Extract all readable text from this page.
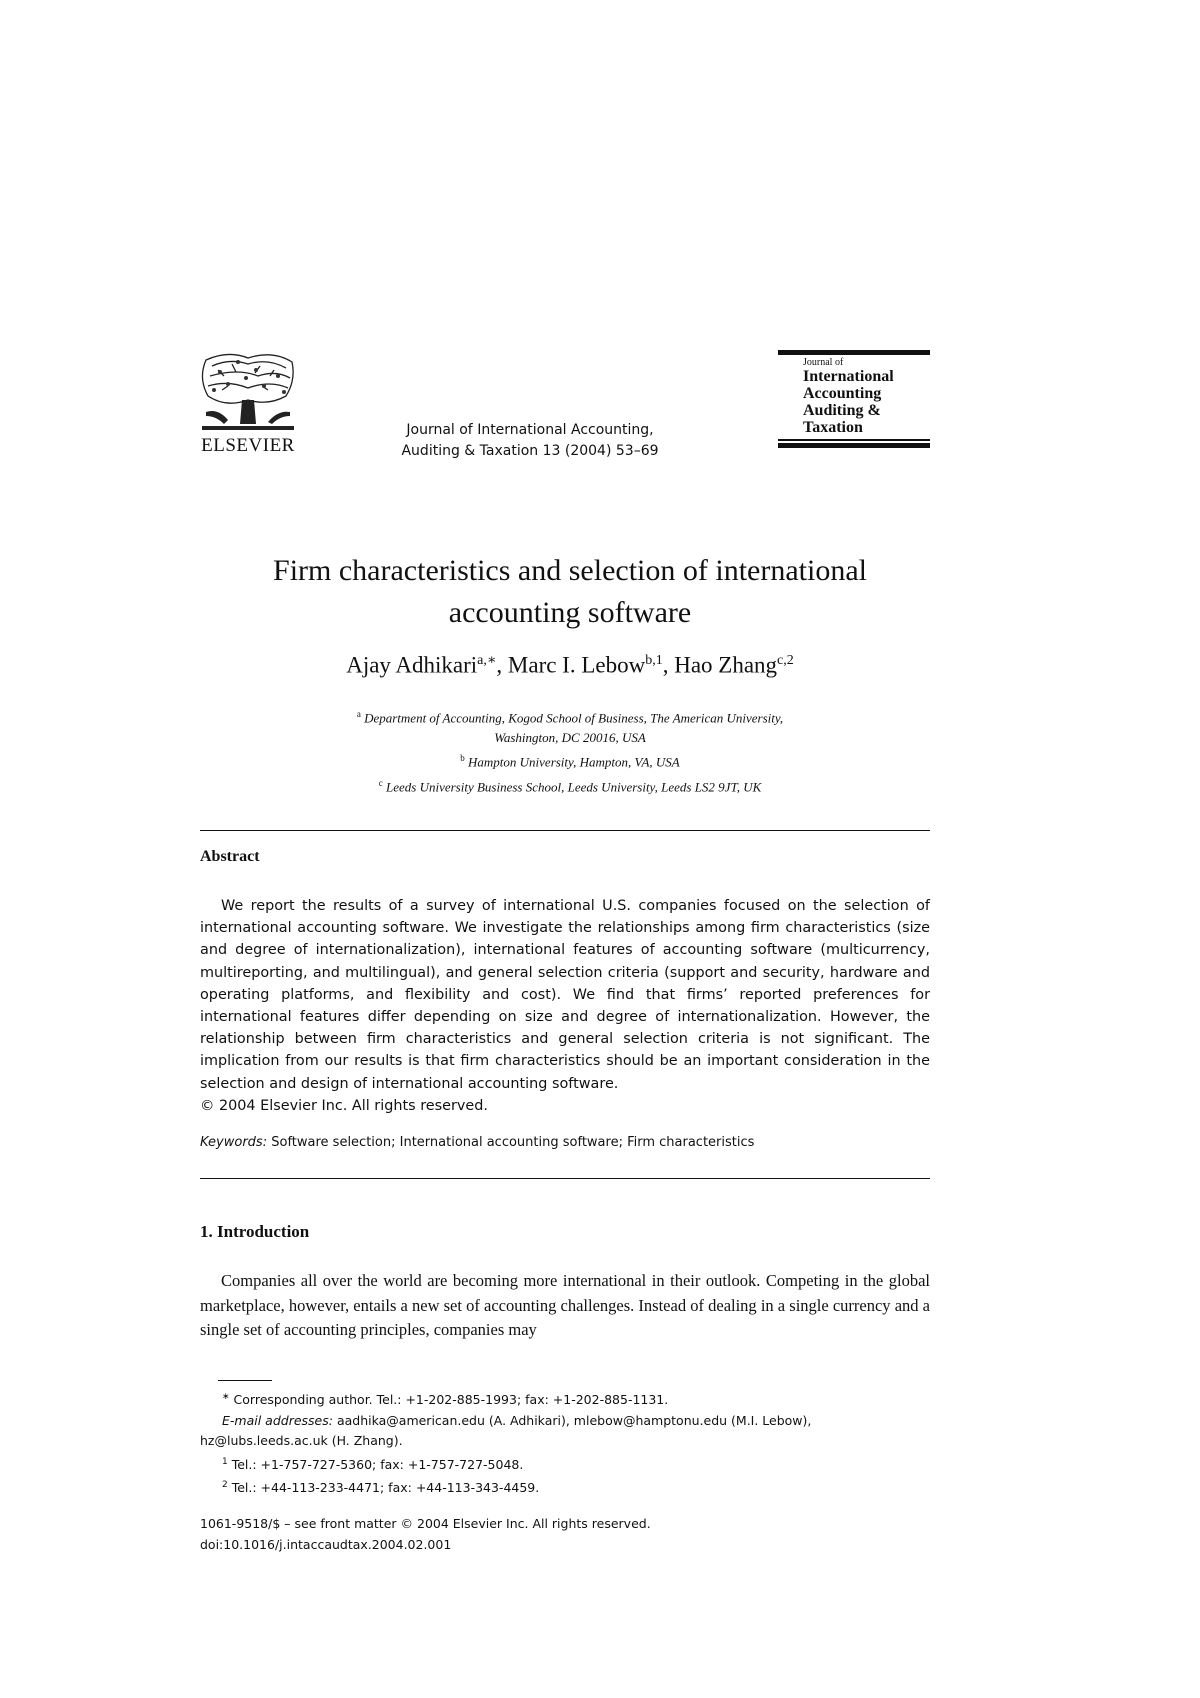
ELSEVIER
Journal of International Accounting,
Auditing & Taxation 13 (2004) 53–69
Journal of
International
Accounting
Auditing &
Taxation
Firm characteristics and selection of international
accounting software
Ajay Adhikari$^{a,∗}$, Marc I. Lebow$^{b,1}$, Hao Zhang$^{c,2}$
$^a$ Department of Accounting, Kogod School of Business, The American University,
Washington, DC 20016, USA
$^b$ Hampton University, Hampton, VA, USA
$^c$ Leeds University Business School, Leeds University, Leeds LS2 9JT, UK
Abstract

We report the results of a survey of international U.S. companies focused on the selection of international accounting software. We investigate the relationships among firm characteristics (size and degree of internationalization), international features of accounting software (multicurrency, multireporting, and multilingual), and general selection criteria (support and security, hardware and operating platforms, and flexibility and cost). We find that firms’ reported preferences for international features differ depending on size and degree of internationalization. However, the relationship between firm characteristics and general selection criteria is not significant. The implication from our results is that firm characteristics should be an important consideration in the selection and design of international accounting software.

© 2004 Elsevier Inc. All rights reserved.
Keywords: Software selection; International accounting software; Firm characteristics
1. Introduction

Companies all over the world are becoming more international in their outlook. Competing in the global marketplace, however, entails a new set of accounting challenges. Instead of dealing in a single currency and a single set of accounting principles, companies may

∗ Corresponding author. Tel.: +1-202-885-1993; fax: +1-202-885-1131.

E-mail addresses: aadhika@american.edu (A. Adhikari), mlebow@hamptonu.edu (M.I. Lebow), hz@lubs.leeds.ac.uk (H. Zhang).

$^1$ Tel.: +1-757-727-5360; fax: +1-757-727-5048.

$^2$ Tel.: +44-113-233-4471; fax: +44-113-343-4459.

1061-9518/$ – see front matter © 2004 Elsevier Inc. All rights reserved.
doi:10.1016/j.intaccaudtax.2004.02.001
